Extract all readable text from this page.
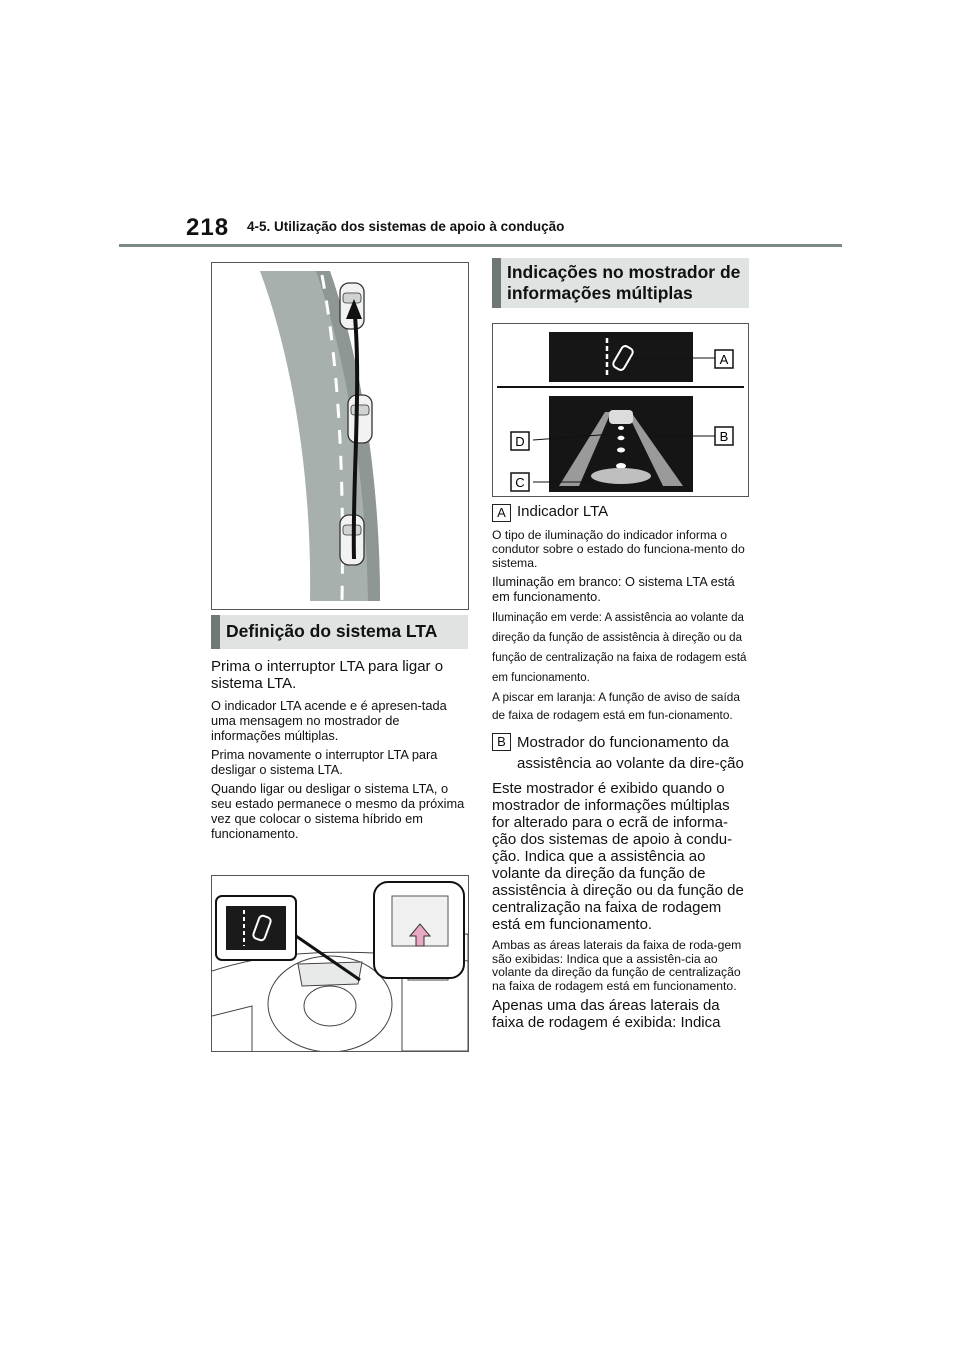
218 4-5. Utilização dos sistemas de apoio à condução
Definição do sistema LTA

Prima o interruptor LTA para ligar o sistema LTA.

O indicador LTA acende e é apresen-tada uma mensagem no mostrador de informações múltiplas.

Prima novamente o interruptor LTA para desligar o sistema LTA.

Quando ligar ou desligar o sistema LTA, o seu estado permanece o mesmo da próxima vez que colocar o sistema híbrido em funcionamento.

Indicações no mostrador de informações múltiplas
A
B
D
C
A Indicador LTA

O tipo de iluminação do indicador informa o condutor sobre o estado do funciona-mento do sistema.

Iluminação em branco: O sistema LTA está em funcionamento.

Iluminação em verde: A assistência ao volante da direção da função de assistência à direção ou da função de centralização na faixa de rodagem está em funcionamento.

A piscar em laranja: A função de aviso de saída de faixa de rodagem está em fun-cionamento.

B Mostrador do funcionamento da assistência ao volante da dire-ção

Este mostrador é exibido quando o mostrador de informações múltiplas for alterado para o ecrã de informa-ção dos sistemas de apoio à condu-ção. Indica que a assistência ao volante da direção da função de assistência à direção ou da função de centralização na faixa de rodagem está em funcionamento.

Ambas as áreas laterais da faixa de roda-gem são exibidas: Indica que a assistên-cia ao volante da direção da função de centralização na faixa de rodagem está em funcionamento.

Apenas uma das áreas laterais da faixa de rodagem é exibida: Indica
